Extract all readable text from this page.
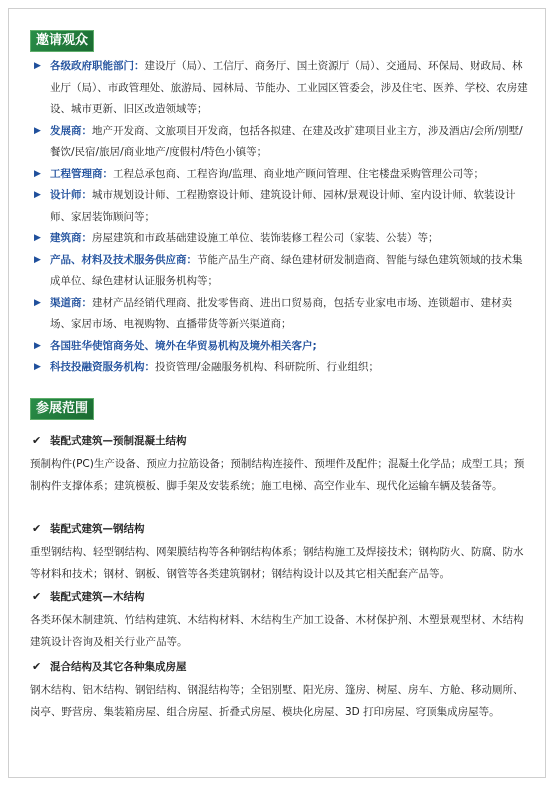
邀请观众
▶ 各级政府职能部门：建设厅（局）、工信厅、商务厅、国土资源厅（局）、交通局、环保局、财政局、林业厅（局）、市政管理处、旅游局、园林局、节能办、工业园区管委会，涉及住宅、医养、学校、农房建设、城市更新、旧区改造领域等；
▶ 发展商：地产开发商、文旅项目开发商，包括各拟建、在建及改扩建项目业主方，涉及酒店/会所/别墅/餐饮/民宿/旅居/商业地产/度假村/特色小镇等；
▶ 工程管理商：工程总承包商、工程咨询/监理、商业地产顾问管理、住宅楼盘采购管理公司等；
▶ 设计师：城市规划设计师、工程勘察设计师、建筑设计师、园林/景观设计师、室内设计师、软装设计师、家居装饰顾问等；
▶ 建筑商：房屋建筑和市政基础建设施工单位、装饰装修工程公司（家装、公装）等；
▶ 产品、材料及技术服务供应商：节能产品生产商、绿色建材研发制造商、智能与绿色建筑领域的技术集成单位、绿色建材认证服务机构等；
▶ 渠道商：建材产品经销代理商、批发零售商、进出口贸易商，包括专业家电市场、连锁超市、建材卖场、家居市场、电视购物、直播带货等新兴渠道商；
▶ 各国驻华使馆商务处、境外在华贸易机构及境外相关客户;
▶ 科技投融资服务机构：投资管理/金融服务机构、科研院所、行业组织；
参展范围
✔ 装配式建筑—预制混凝土结构
预制构件(PC)生产设备、预应力拉筋设备；预制结构连接件、预埋件及配件；混凝土化学品；成型工具；预制构件支撑体系；建筑模板、脚手架及安装系统；施工电梯、高空作业车、现代化运输车辆及装备等。
✔ 装配式建筑—钢结构
重型钢结构、轻型钢结构、网架膜结构等各种钢结构体系；钢结构施工及焊接技术；钢构防火、防腐、防水等材料和技术；钢材、钢板、钢管等各类建筑钢材；钢结构设计以及其它相关配套产品等。
✔ 装配式建筑—木结构
各类环保木制建筑、竹结构建筑、木结构材料、木结构生产加工设备、木材保护剂、木塑景观型材、木结构建筑设计咨询及相关行业产品等。
✔ 混合结构及其它各种集成房屋
钢木结构、铝木结构、钢铝结构、钢混结构等；全铝别墅、阳光房、篷房、树屋、房车、方舱、移动厕所、岗亭、野营房、集装箱房屋、组合房屋、折叠式房屋、模块化房屋、3D 打印房屋、穹顶集成房屋等。
